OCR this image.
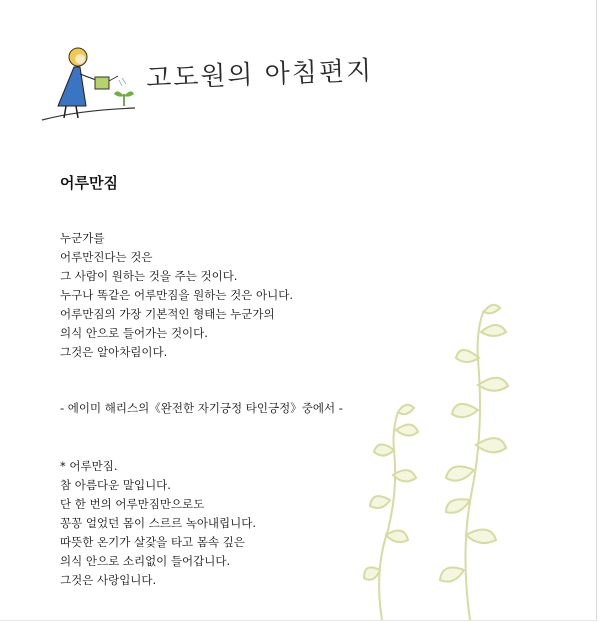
고도원의 아침편지
어루만짐
누군가를
어루만진다는 것은
그 사람이 원하는 것을 주는 것이다.
누구나 똑같은 어루만짐을 원하는 것은 아니다.
어루만짐의 가장 기본적인 형태는 누군가의
의식 안으로 들어가는 것이다.
그것은 알아차림이다.
- 에이미 해리스의《완전한 자기긍정 타인긍정》중에서 -
* 어루만짐.
참 아름다운 말입니다.
단 한 번의 어루만짐만으로도
꽁꽁 얼었던 몸이 스르르 녹아내립니다.
따뜻한 온기가 살갗을 타고 몸속 깊은
의식 안으로 소리없이 들어갑니다.
그것은 사랑입니다.
